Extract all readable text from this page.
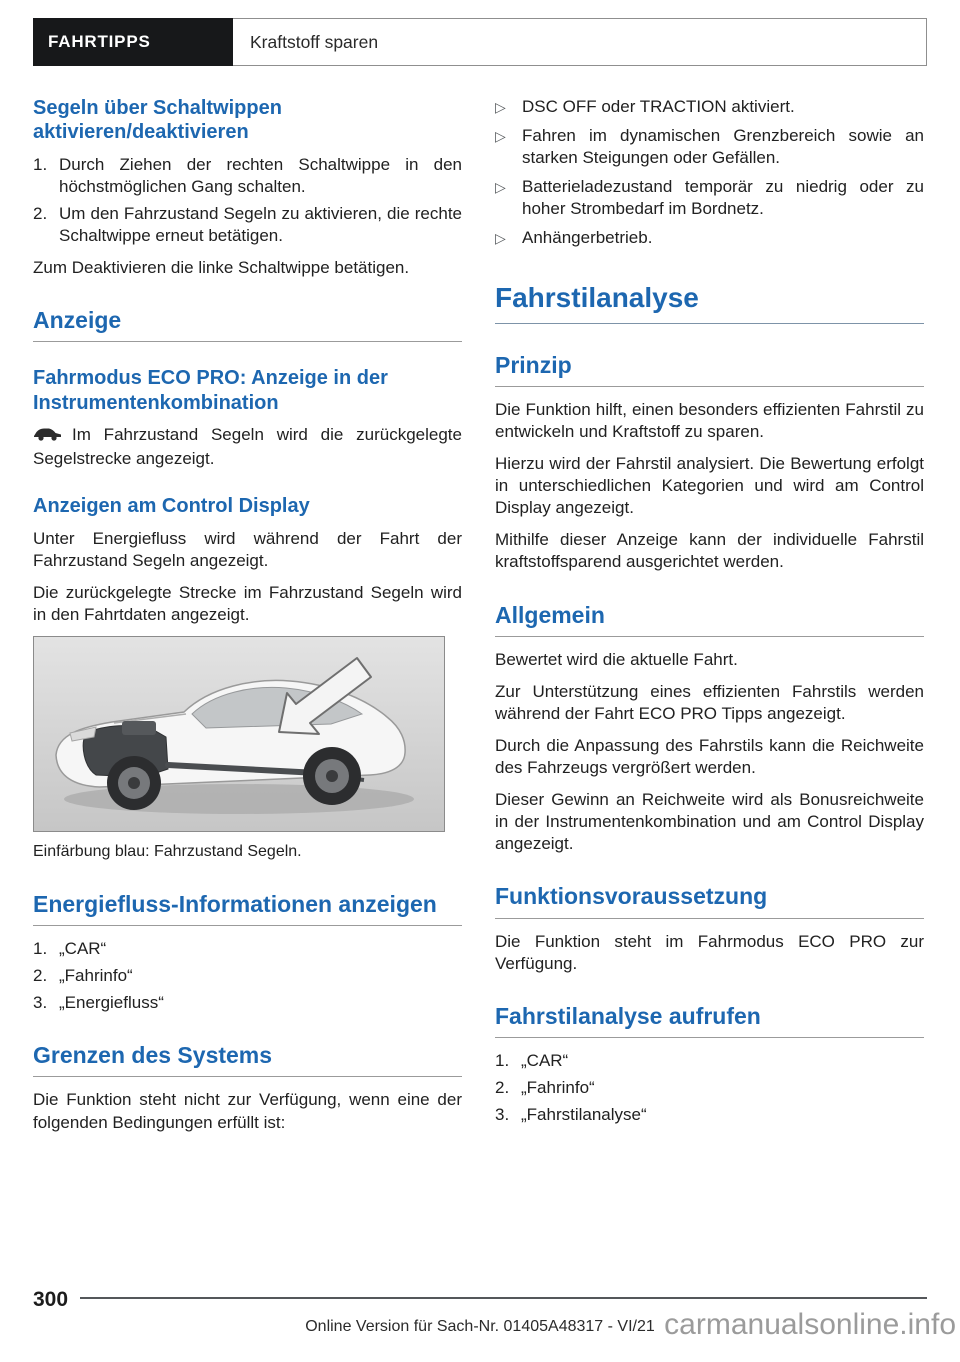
FAHRTIPPS	Kraftstoff sparen
Segeln über Schaltwippen aktivieren/deaktivieren
1. Durch Ziehen der rechten Schaltwippe in den höchstmöglichen Gang schalten.
2. Um den Fahrzustand Segeln zu aktivieren, die rechte Schaltwippe erneut betätigen.

Zum Deaktivieren die linke Schaltwippe betätigen.

Anzeige
Fahrmodus ECO PRO: Anzeige in der Instrumentenkombination

Im Fahrzustand Segeln wird die zurückgelegte Segelstrecke angezeigt.

Anzeigen am Control Display

Unter Energiefluss wird während der Fahrt der Fahrzustand Segeln angezeigt.

Die zurückgelegte Strecke im Fahrzustand Segeln wird in den Fahrtdaten angezeigt.

Einfärbung blau: Fahrzustand Segeln.

Energiefluss-Informationen anzeigen
1. „CAR“
2. „Fahrinfo“
3. „Energiefluss“
Grenzen des Systems

Die Funktion steht nicht zur Verfügung, wenn eine der folgenden Bedingungen erfüllt ist:

▷ DSC OFF oder TRACTION aktiviert.
▷ Fahren im dynamischen Grenzbereich sowie an starken Steigungen oder Gefällen.
▷ Batterieladezustand temporär zu niedrig oder zu hoher Strombedarf im Bordnetz.
▷ Anhängerbetrieb.
Fahrstilanalyse
Prinzip

Die Funktion hilft, einen besonders effizienten Fahrstil zu entwickeln und Kraftstoff zu sparen.

Hierzu wird der Fahrstil analysiert. Die Bewertung erfolgt in unterschiedlichen Kategorien und wird am Control Display angezeigt.

Mithilfe dieser Anzeige kann der individuelle Fahrstil kraftstoffsparend ausgerichtet werden.

Allgemein

Bewertet wird die aktuelle Fahrt.

Zur Unterstützung eines effizienten Fahrstils werden während der Fahrt ECO PRO Tipps angezeigt.

Durch die Anpassung des Fahrstils kann die Reichweite des Fahrzeugs vergrößert werden.

Dieser Gewinn an Reichweite wird als Bonusreichweite in der Instrumentenkombination und am Control Display angezeigt.

Funktionsvoraussetzung

Die Funktion steht im Fahrmodus ECO PRO zur Verfügung.

Fahrstilanalyse aufrufen
1. „CAR“
2. „Fahrinfo“
3. „Fahrstilanalyse“
300
Online Version für Sach-Nr. 01405A48317 - VI/21 carmanualsonline.info
